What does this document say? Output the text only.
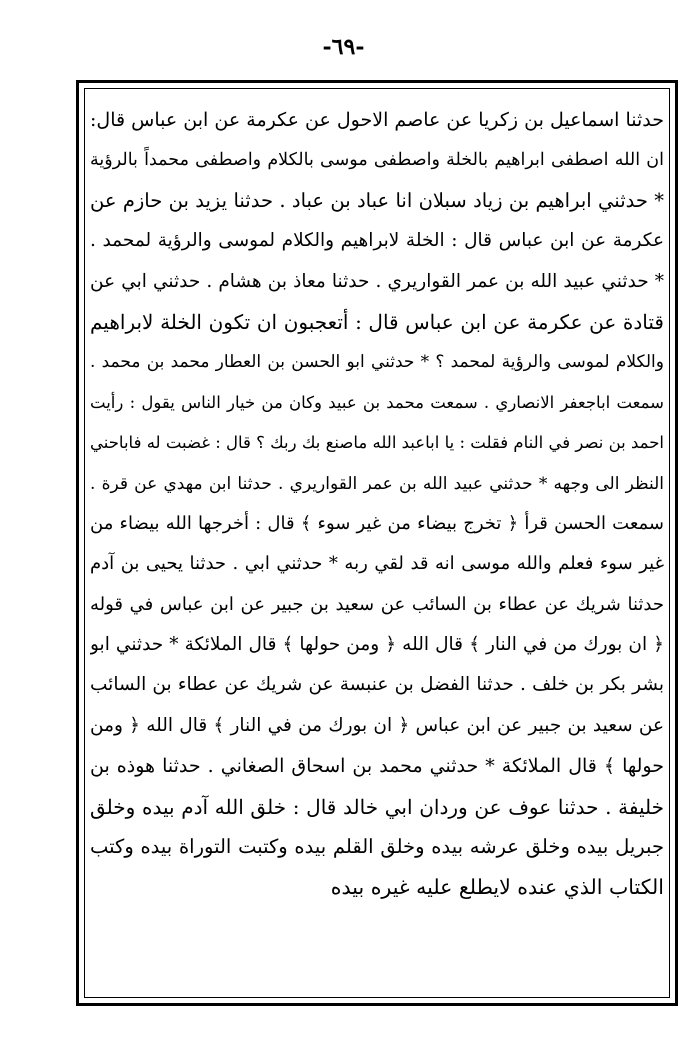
-٦٩-
حدثنا اسماعيل بن زكريا عن عاصم الاحول عن عكرمة عن ابن عباس قال:
ان الله اصطفى ابراهيم بالخلة واصطفى موسى بالكلام واصطفى محمداً بالرؤية
* حدثني ابراهيم بن زياد سبلان انا عباد بن عباد . حدثنا يزيد بن حازم عن
عكرمة عن ابن عباس قال : الخلة لابراهيم والكلام لموسى والرؤية لمحمد .
* حدثني عبيد الله بن عمر القواريري . حدثنا معاذ بن هشام . حدثني ابي عن
قتادة عن عكرمة عن ابن عباس قال : أتعجبون ان تكون الخلة لابراهيم
والكلام لموسى والرؤية لمحمد ؟ * حدثني ابو الحسن بن العطار محمد بن محمد .
سمعت اباجعفر الانصاري . سمعت محمد بن عبيد وكان من خيار الناس يقول : رأيت
احمد بن نصر في النام فقلت : يا اباعبد الله ماصنع بك ربك ؟ قال : غضبت له فاباحني
النظر الى وجهه * حدثني عبيد الله بن عمر القواريري . حدثنا ابن مهدي عن قرة .
سمعت الحسن قرأ ﴿ تخرج بيضاء من غير سوء ﴾ قال : أخرجها الله بيضاء من
غير سوء فعلم والله موسى انه قد لقي ربه * حدثني ابي . حدثنا يحيى بن آدم
حدثنا شريك عن عطاء بن السائب عن سعيد بن جبير عن ابن عباس في قوله
﴿ ان بورك من في النار ﴾ قال الله ﴿ ومن حولها ﴾ قال الملائكة * حدثني ابو
بشر بكر بن خلف . حدثنا الفضل بن عنبسة عن شريك عن عطاء بن السائب
عن سعيد بن جبير عن ابن عباس ﴿ ان بورك من في النار ﴾ قال الله ﴿ ومن
حولها ﴾ قال الملائكة * حدثني محمد بن اسحاق الصغاني . حدثنا هوذه بن
خليفة . حدثنا عوف عن وردان ابي خالد قال : خلق الله آدم بيده وخلق
جبريل بيده وخلق عرشه بيده وخلق القلم بيده وكتبت التوراة بيده وكتب
الكتاب الذي عنده لايطلع عليه غيره بيده
